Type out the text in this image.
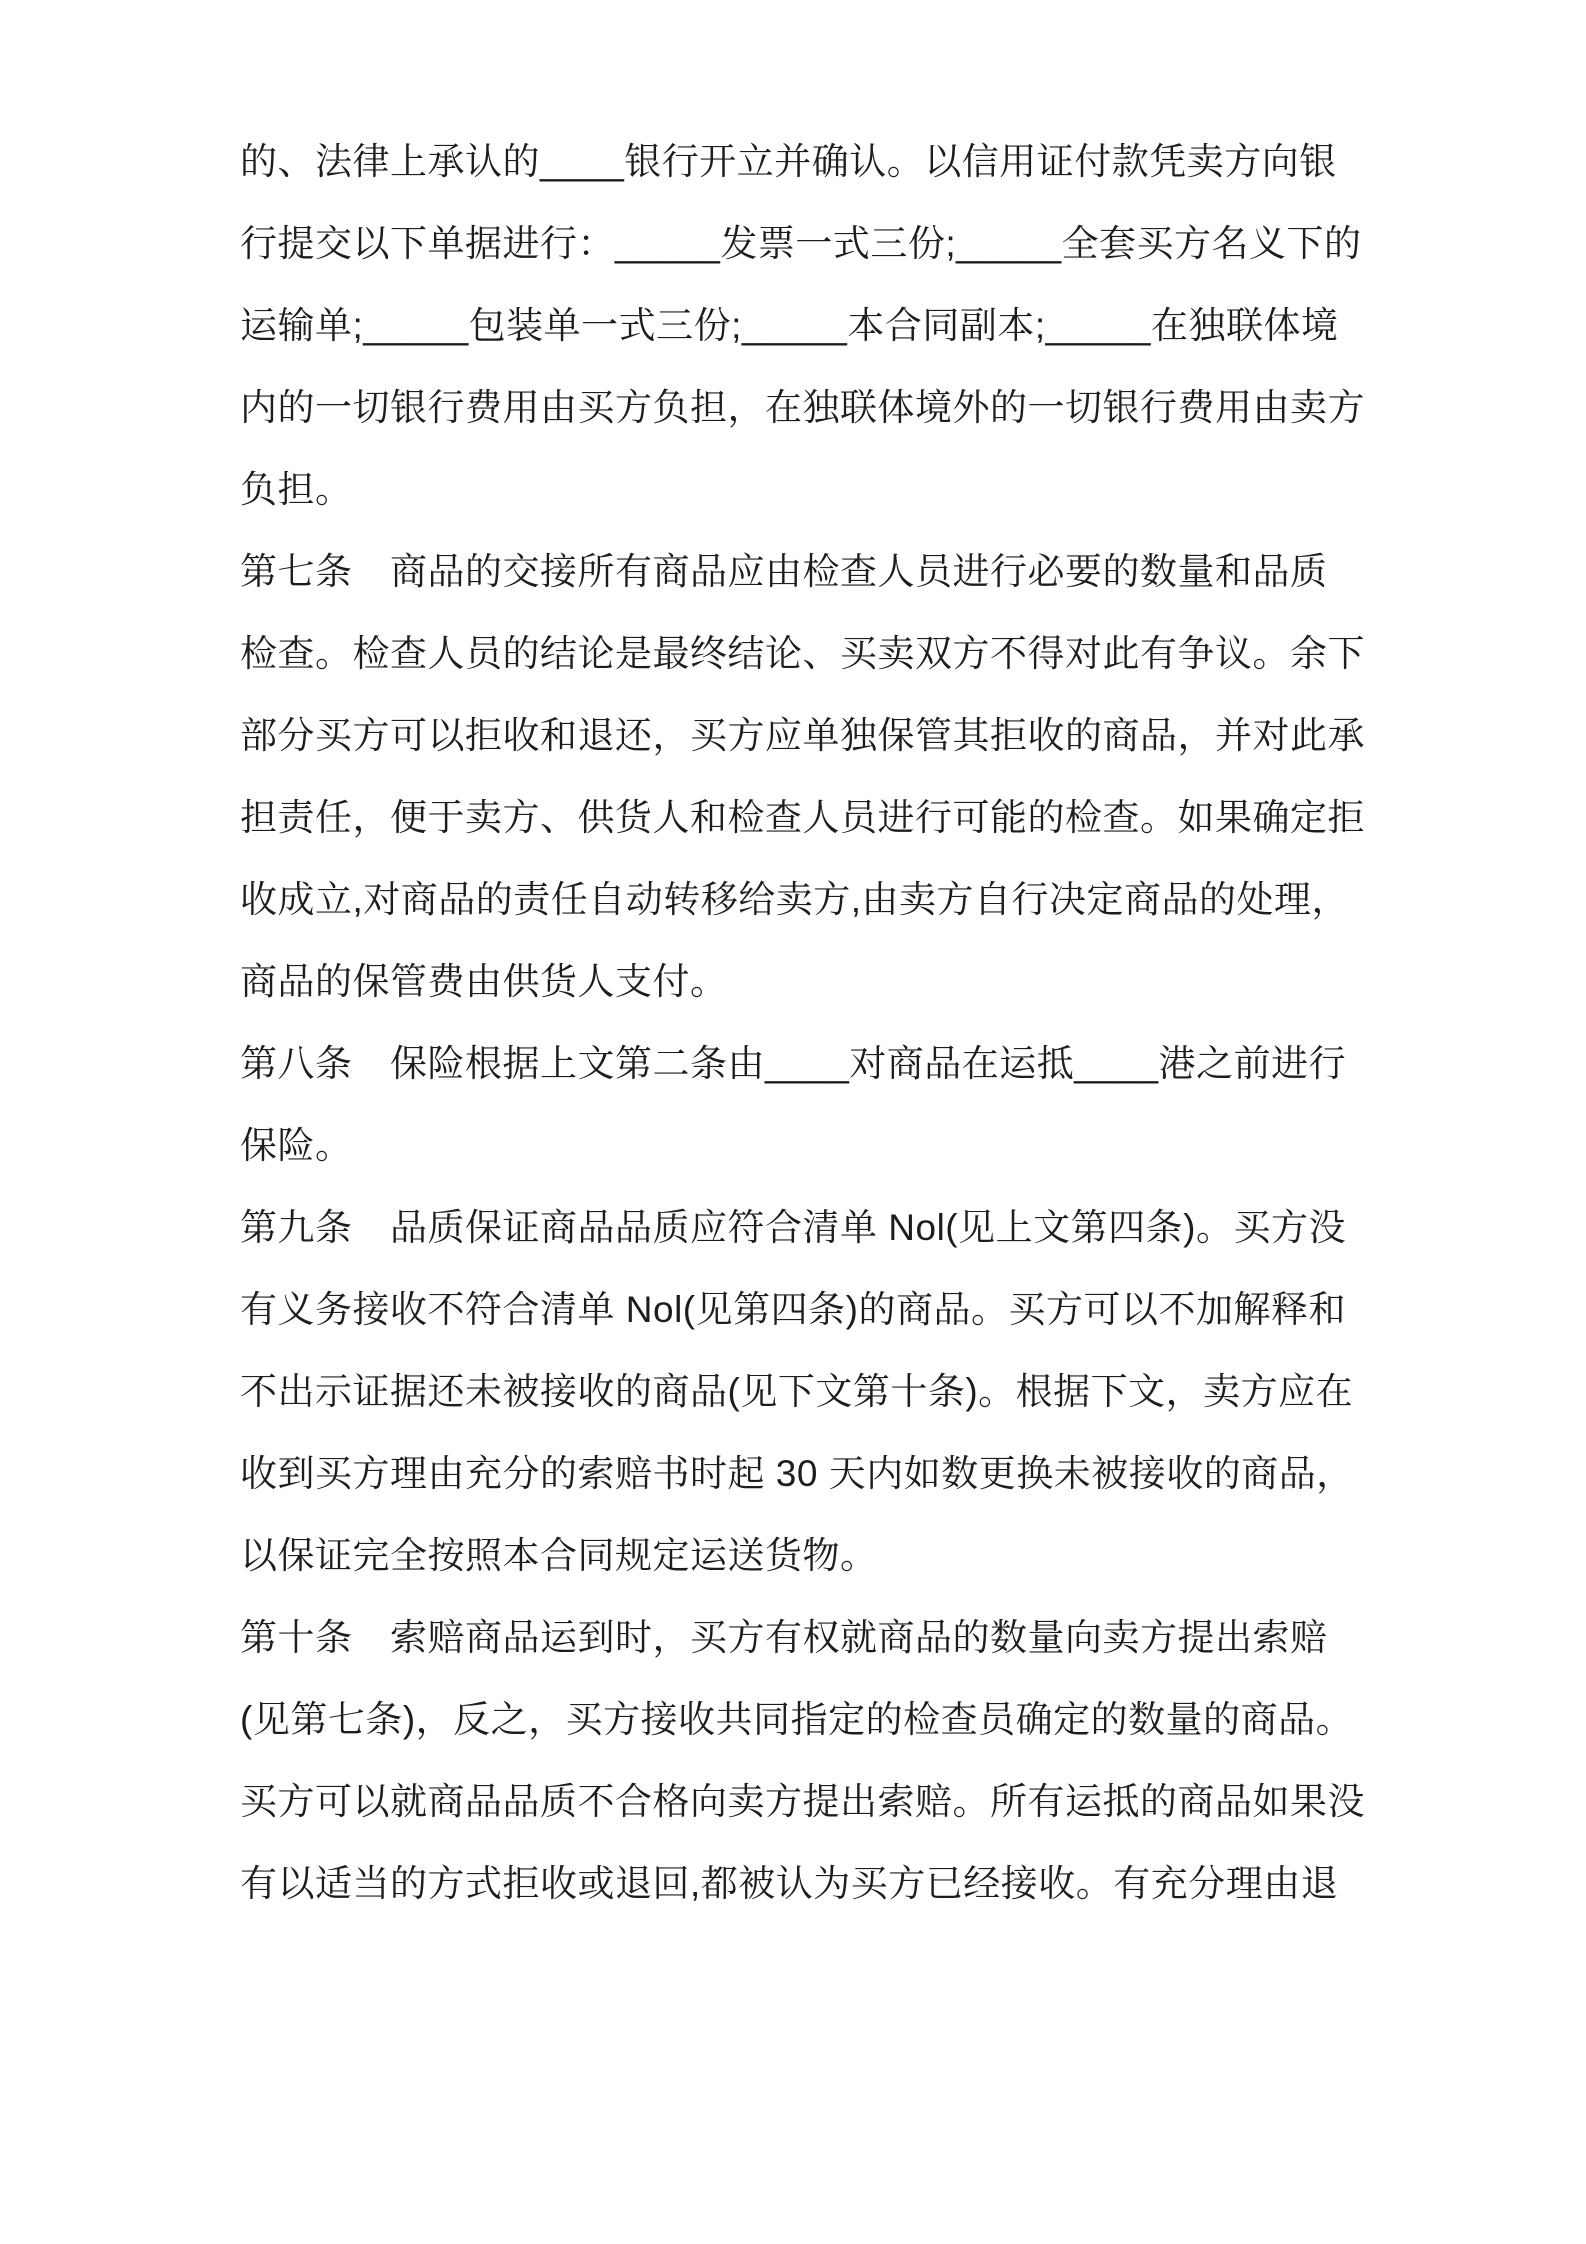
的、法律上承认的____银行开立并确认。以信用证付款凭卖方向银
行提交以下单据进行：_____发票一式三份;_____全套买方名义下的
运输单;_____包装单一式三份;_____本合同副本;_____在独联体境
内的一切银行费用由买方负担，在独联体境外的一切银行费用由卖方
负担。
第七条　商品的交接所有商品应由检查人员进行必要的数量和品质
检查。检查人员的结论是最终结论、买卖双方不得对此有争议。余下
部分买方可以拒收和退还，买方应单独保管其拒收的商品，并对此承
担责任，便于卖方、供货人和检查人员进行可能的检查。如果确定拒
收成立,对商品的责任自动转移给卖方,由卖方自行决定商品的处理，
商品的保管费由供货人支付。
第八条　保险根据上文第二条由____对商品在运抵____港之前进行
保险。
第九条　品质保证商品品质应符合清单 Nol(见上文第四条)。买方没
有义务接收不符合清单 Nol(见第四条)的商品。买方可以不加解释和
不出示证据还未被接收的商品(见下文第十条)。根据下文，卖方应在
收到买方理由充分的索赔书时起 30 天内如数更换未被接收的商品，
以保证完全按照本合同规定运送货物。
第十条　索赔商品运到时，买方有权就商品的数量向卖方提出索赔
(见第七条)，反之，买方接收共同指定的检查员确定的数量的商品。
买方可以就商品品质不合格向卖方提出索赔。所有运抵的商品如果没
有以适当的方式拒收或退回,都被认为买方已经接收。有充分理由退
